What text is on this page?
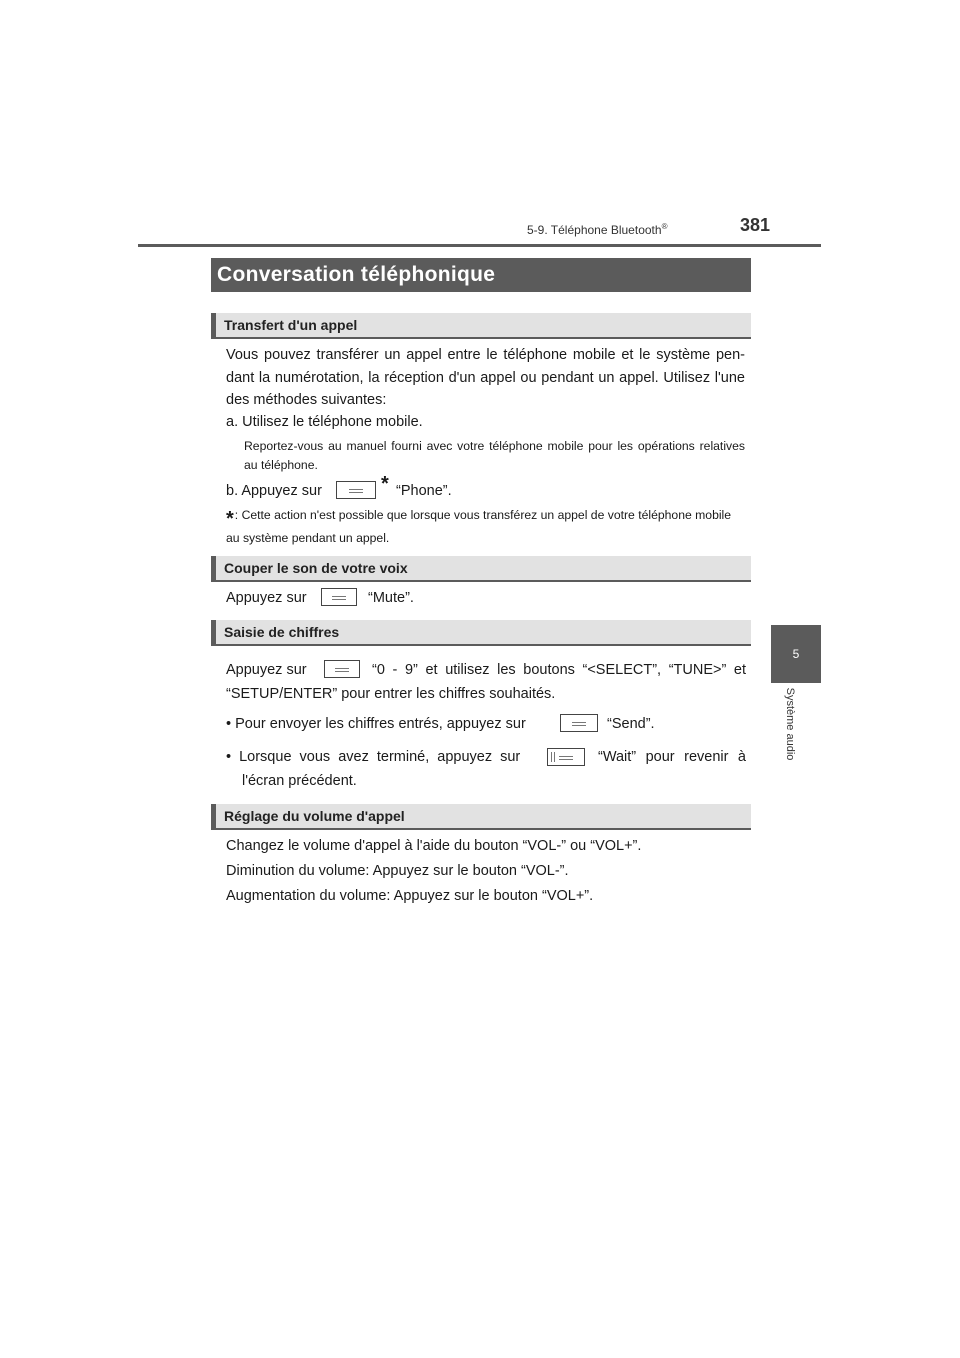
5-9. Téléphone Bluetooth®	381
5
Système audio
Conversation téléphonique
Transfert d'un appel
Vous pouvez transférer un appel entre le téléphone mobile et le système pen- dant la numérotation, la réception d'un appel ou pendant un appel. Utilisez l'une des méthodes suivantes:
a. Utilisez le téléphone mobile.
Reportez-vous au manuel fourni avec votre téléphone mobile pour les opérations relatives au téléphone.
b. Appuyez sur	* “Phone”.
*: Cette action n'est possible que lorsque vous transférez un appel de votre téléphone mobile au système pendant un appel.
Couper le son de votre voix
Appuyez sur	“Mute”.
Saisie de chiffres
Appuyez sur	“0 - 9” et utilisez les boutons “<SELECT”, “TUNE>” et
“SETUP/ENTER” pour entrer les chiffres souhaités.
• Pour envoyer les chiffres entrés, appuyez sur	“Send”.
• Lorsque vous avez terminé, appuyez sur	“Wait” pour revenir à
l'écran précédent.
Réglage du volume d'appel
Changez le volume d'appel à l'aide du bouton “VOL-” ou “VOL+”.
Diminution du volume: Appuyez sur le bouton “VOL-”.
Augmentation du volume: Appuyez sur le bouton “VOL+”.
